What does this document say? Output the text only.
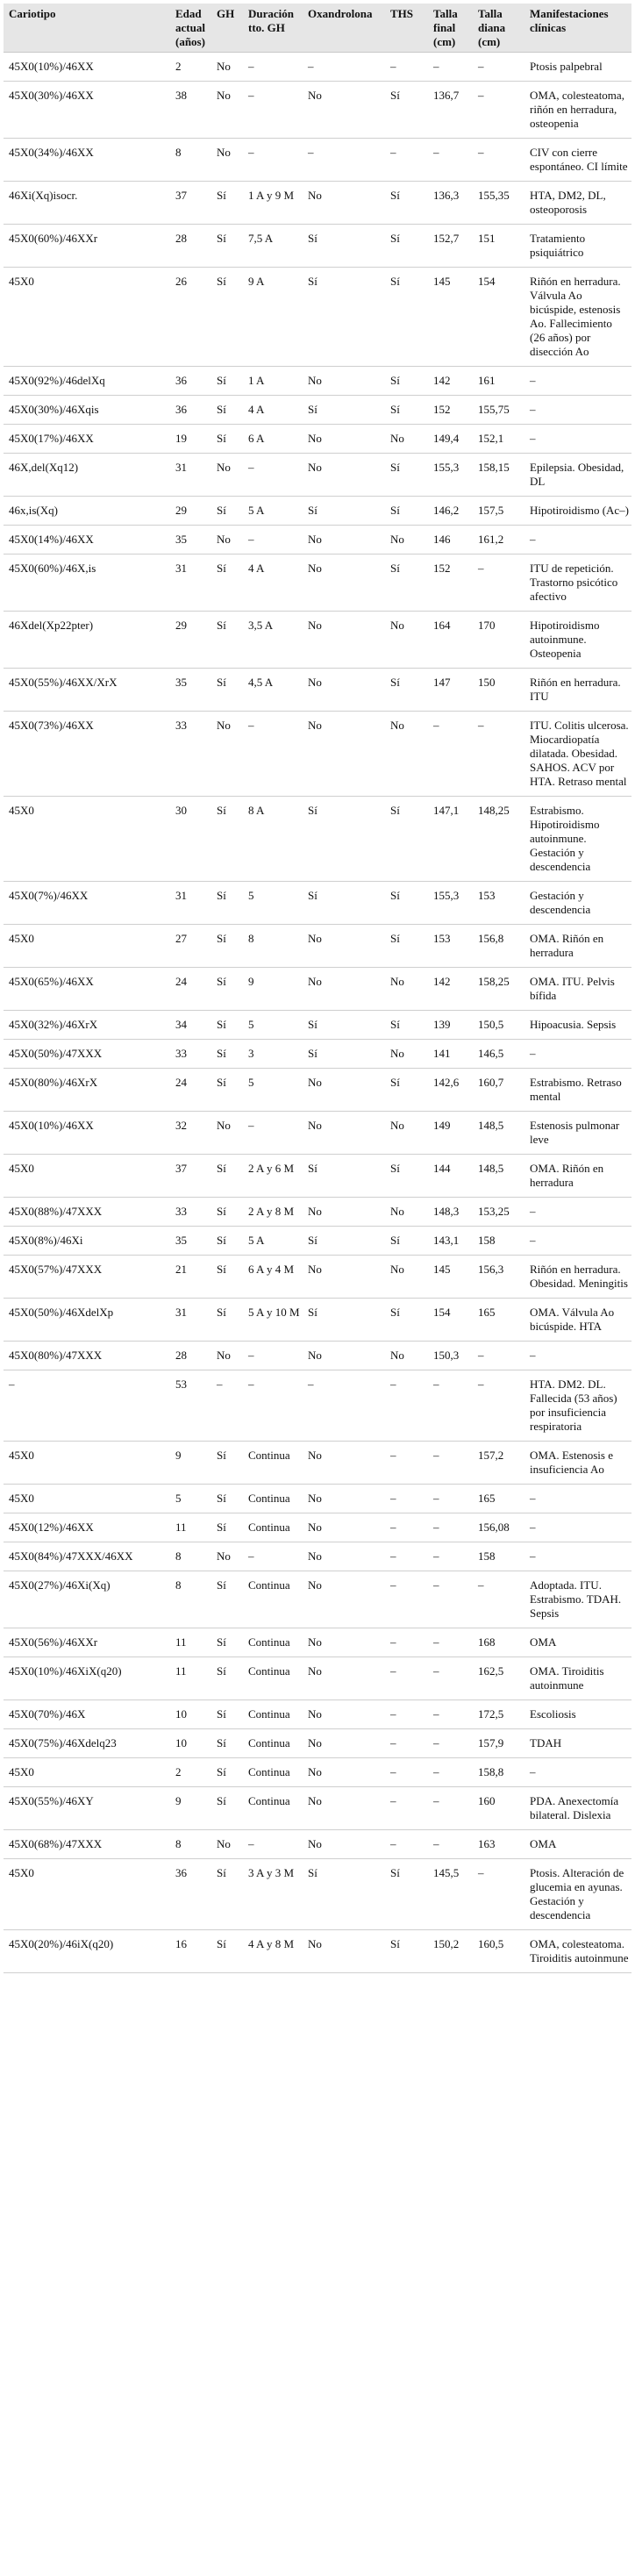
Cariotipo	Edad actual (años)	GH	Duración tto. GH	Oxandrolona	THS	Talla final (cm)	Talla diana (cm)	Manifestaciones clínicas
45X0(10%)/46XX	2	No	–	–	–	–	–	Ptosis palpebral
45X0(30%)/46XX	38	No	–	No	Sí	136,7	–	OMA, colesteatoma, riñón en herradura, osteopenia
45X0(34%)/46XX	8	No	–	–	–	–	–	CIV con cierre espontáneo. CI límite
46Xi(Xq)isocr.	37	Sí	1 A y 9 M	No	Sí	136,3	155,35	HTA, DM2, DL, osteoporosis
45X0(60%)/46XXr	28	Sí	7,5 A	Sí	Sí	152,7	151	Tratamiento psiquiátrico
45X0	26	Sí	9 A	Sí	Sí	145	154	Riñón en herradura. Válvula Ao bicúspide, estenosis Ao. Fallecimiento (26 años) por disección Ao
45X0(92%)/46delXq	36	Sí	1 A	No	Sí	142	161	–
45X0(30%)/46Xqis	36	Sí	4 A	Sí	Sí	152	155,75	–
45X0(17%)/46XX	19	Sí	6 A	No	No	149,4	152,1	–
46X,del(Xq12)	31	No	–	No	Sí	155,3	158,15	Epilepsia. Obesidad, DL
46x,is(Xq)	29	Sí	5 A	Sí	Sí	146,2	157,5	Hipotiroidismo (Ac–)
45X0(14%)/46XX	35	No	–	No	No	146	161,2	–
45X0(60%)/46X,is	31	Sí	4 A	No	Sí	152	–	ITU de repetición. Trastorno psicótico afectivo
46Xdel(Xp22pter)	29	Sí	3,5 A	No	No	164	170	Hipotiroidismo autoinmune. Osteopenia
45X0(55%)/46XX/XrX	35	Sí	4,5 A	No	Sí	147	150	Riñón en herradura. ITU
45X0(73%)/46XX	33	No	–	No	No	–	–	ITU. Colitis ulcerosa. Miocardiopatía dilatada. Obesidad. SAHOS. ACV por HTA. Retraso mental
45X0	30	Sí	8 A	Sí	Sí	147,1	148,25	Estrabismo. Hipotiroidismo autoinmune. Gestación y descendencia
45X0(7%)/46XX	31	Sí	5	Sí	Sí	155,3	153	Gestación y descendencia
45X0	27	Sí	8	No	Sí	153	156,8	OMA. Riñón en herradura
45X0(65%)/46XX	24	Sí	9	No	No	142	158,25	OMA. ITU. Pelvis bífida
45X0(32%)/46XrX	34	Sí	5	Sí	Sí	139	150,5	Hipoacusia. Sepsis
45X0(50%)/47XXX	33	Sí	3	Sí	No	141	146,5	–
45X0(80%)/46XrX	24	Sí	5	No	Sí	142,6	160,7	Estrabismo. Retraso mental
45X0(10%)/46XX	32	No	–	No	No	149	148,5	Estenosis pulmonar leve
45X0	37	Sí	2 A y 6 M	Sí	Sí	144	148,5	OMA. Riñón en herradura
45X0(88%)/47XXX	33	Sí	2 A y 8 M	No	No	148,3	153,25	–
45X0(8%)/46Xi	35	Sí	5 A	Sí	Sí	143,1	158	–
45X0(57%)/47XXX	21	Sí	6 A y 4 M	No	No	145	156,3	Riñón en herradura. Obesidad. Meningitis
45X0(50%)/46XdelXp	31	Sí	5 A y 10 M	Sí	Sí	154	165	OMA. Válvula Ao bicúspide. HTA
45X0(80%)/47XXX	28	No	–	No	No	150,3	–	–
–	53	–	–	–	–	–	–	HTA. DM2. DL. Fallecida (53 años) por insuficiencia respiratoria
45X0	9	Sí	Continua	No	–	–	157,2	OMA. Estenosis e insuficiencia Ao
45X0	5	Sí	Continua	No	–	–	165	–
45X0(12%)/46XX	11	Sí	Continua	No	–	–	156,08	–
45X0(84%)/47XXX/46XX	8	No	–	No	–	–	158	–
45X0(27%)/46Xi(Xq)	8	Sí	Continua	No	–	–	–	Adoptada. ITU. Estrabismo. TDAH. Sepsis
45X0(56%)/46XXr	11	Sí	Continua	No	–	–	168	OMA
45X0(10%)/46XiX(q20)	11	Sí	Continua	No	–	–	162,5	OMA. Tiroiditis autoinmune
45X0(70%)/46X	10	Sí	Continua	No	–	–	172,5	Escoliosis
45X0(75%)/46Xdelq23	10	Sí	Continua	No	–	–	157,9	TDAH
45X0	2	Sí	Continua	No	–	–	158,8	–
45X0(55%)/46XY	9	Sí	Continua	No	–	–	160	PDA. Anexectomía bilateral. Dislexia
45X0(68%)/47XXX	8	No	–	No	–	–	163	OMA
45X0	36	Sí	3 A y 3 M	Sí	Sí	145,5	–	Ptosis. Alteración de glucemia en ayunas. Gestación y descendencia
45X0(20%)/46iX(q20)	16	Sí	4 A y 8 M	No	Sí	150,2	160,5	OMA, colesteatoma. Tiroiditis autoinmune
